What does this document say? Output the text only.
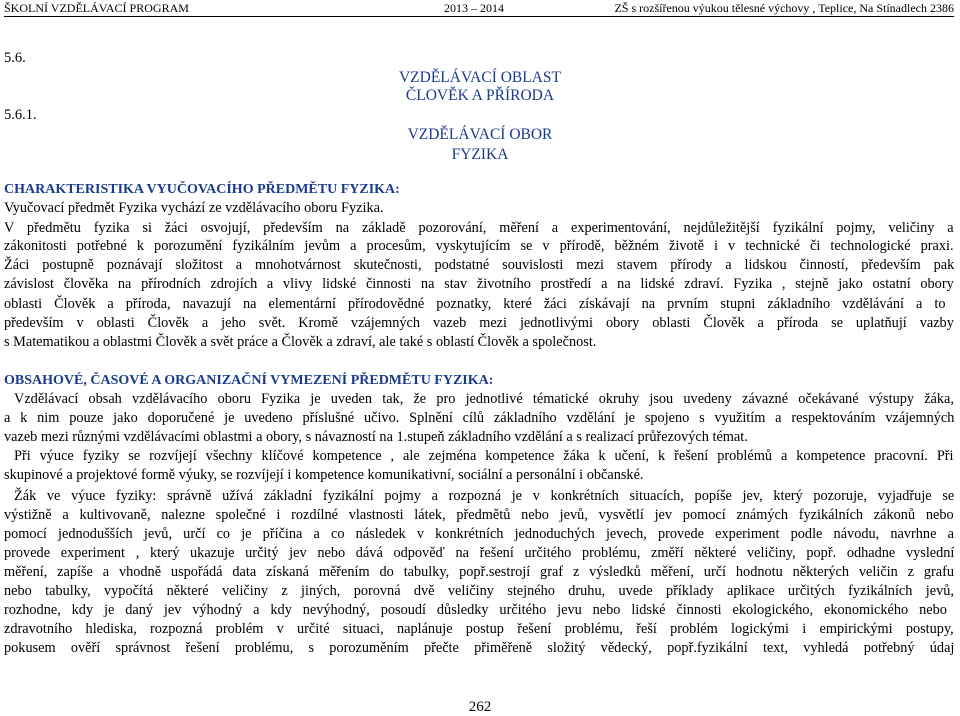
ŠKOLNÍ VZDĚLÁVACÍ PROGRAM	2013 – 2014	ZŠ s rozšířenou výukou tělesné výchovy , Teplice, Na Stínadlech 2386
5.6.
5.6.1.
VZDĚLÁVACÍ OBLAST
ČLOVĚK A PŘÍRODA
VZDĚLÁVACÍ OBOR
FYZIKA
CHARAKTERISTIKA VYUČOVACÍHO PŘEDMĚTU FYZIKA:
Vyučovací předmět Fyzika vychází ze vzdělávacího oboru Fyzika.
V předmětu fyzika si žáci osvojují, především na základě pozorování, měření a experimentování, nejdůležitější fyzikální pojmy, veličiny a
zákonitosti potřebné k porozumění fyzikálním jevům a procesům, vyskytujícím se v přírodě, běžném životě i v technické či technologické praxi.
Žáci postupně poznávají složitost a mnohotvárnost skutečnosti, podstatné souvislosti mezi stavem přírody a lidskou činností, především pak
závislost člověka na přírodních zdrojích a vlivy lidské činnosti na stav životního prostředí a na lidské zdraví. Fyzika , stejně jako ostatní obory
oblasti Člověk a příroda, navazují na elementární přírodovědné poznatky, které žáci získávají na prvním stupni základního vzdělávání a to
především v oblasti Člověk a jeho svět. Kromě vzájemných vazeb mezi jednotlivými obory oblasti Člověk a příroda se uplatňují vazby
s Matematikou a oblastmi Člověk a svět práce a Člověk a zdraví, ale také s oblastí Člověk a společnost.
OBSAHOVÉ, ČASOVÉ A ORGANIZAČNÍ VYMEZENÍ PŘEDMĚTU FYZIKA:
Vzdělávací obsah vzdělávacího oboru Fyzika je uveden tak, že pro jednotlivé tématické okruhy jsou uvedeny závazné očekávané výstupy žáka,
a k nim pouze jako doporučené je uvedeno příslušné učivo. Splnění cílů základního vzdělání je spojeno s využitím a respektováním vzájemných
vazeb mezi různými vzdělávacími oblastmi a obory, s návazností na 1.stupeň základního vzdělání a s realizací průřezových témat.
Při výuce fyziky se rozvíjejí všechny klíčové kompetence , ale zejména kompetence žáka k učení, k řešení problémů a kompetence pracovní. Při
skupinové a projektové formě výuky, se rozvíjejí i kompetence komunikativní, sociální a personální i občanské.
Žák ve výuce fyziky: správně užívá základní fyzikální pojmy a rozpozná je v konkrétních situacích, popíše jev, který pozoruje, vyjadřuje se
výstižně a kultivovaně, nalezne společné i rozdílné vlastnosti látek, předmětů nebo jevů, vysvětlí jev pomocí známých fyzikálních zákonů nebo
pomocí jednodušších jevů, určí co je příčina a co následek v konkrétních jednoduchých jevech, provede experiment podle návodu, navrhne a
provede experiment , který ukazuje určitý jev nebo dává odpověď na řešení určitého problému, změří některé veličiny, popř. odhadne vyslední
měření, zapíše a vhodně uspořádá data získaná měřením do tabulky, popř.sestrojí graf z výsledků měření, určí hodnotu některých veličin z grafu
nebo tabulky, vypočítá některé veličiny z jiných, porovná dvě veličiny stejného druhu, uvede příklady aplikace určitých fyzikálních jevů,
rozhodne, kdy je daný jev výhodný a kdy nevýhodný, posoudí důsledky určitého jevu nebo lidské činnosti ekologického, ekonomického nebo
zdravotního hlediska, rozpozná problém v určité situaci, naplánuje postup řešení problému, řeší problém logickými i empirickými postupy,
pokusem ověří správnost řešení problému, s porozuměním přečte přiměřeně složitý vědecký, popř.fyzikální text, vyhledá potřebný údaj
262
